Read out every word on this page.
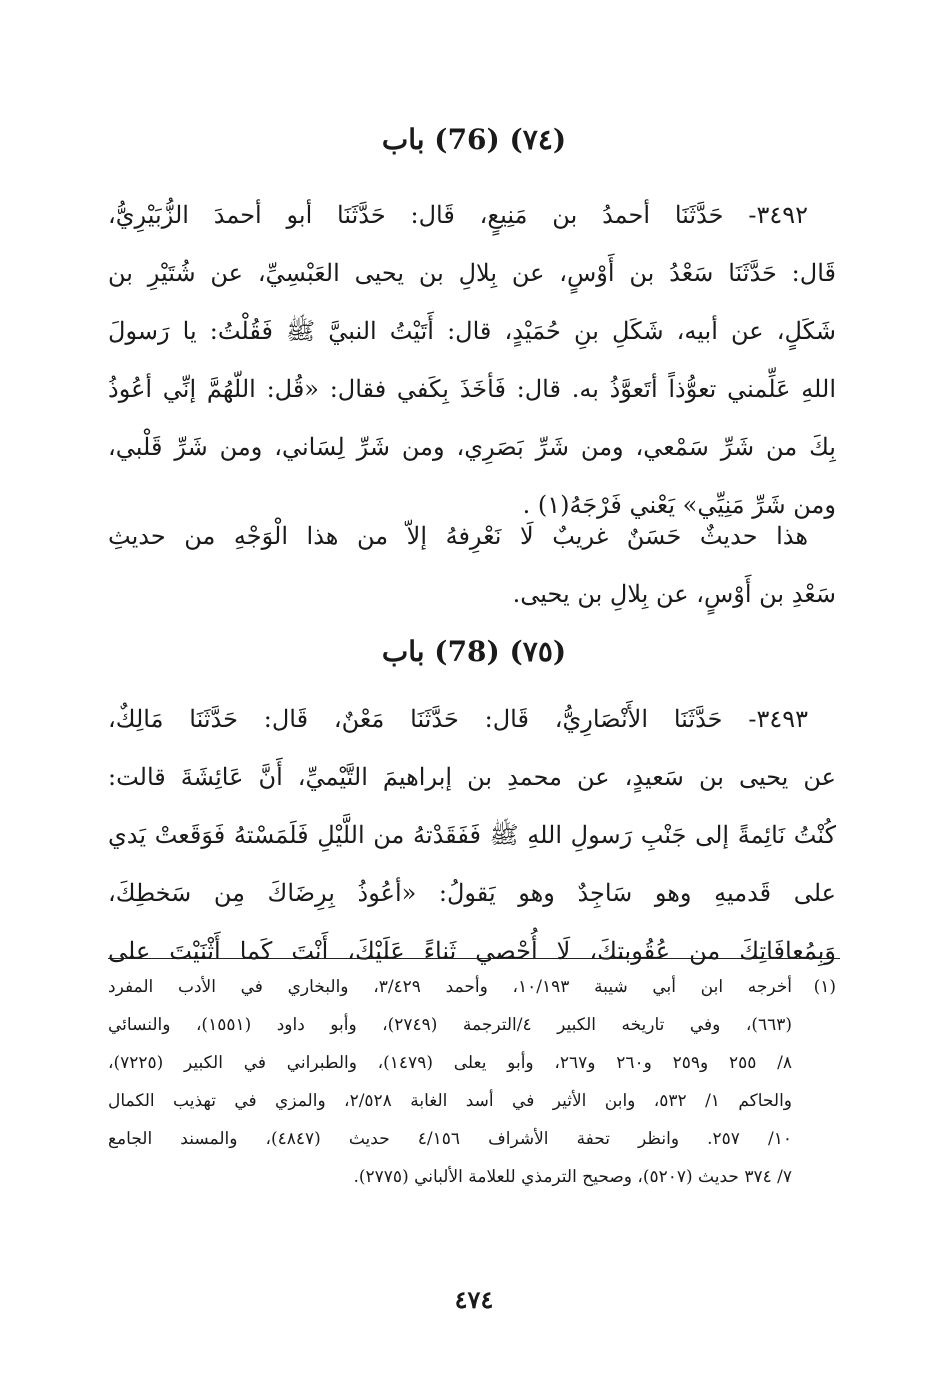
(٧٤) (76) باب
٣٤٩٢- حَدَّثَنَا أحمدُ بن مَنِيعٍ، قَال: حَدَّثَنَا أبو أحمدَ الزُّبَيْرِيُّ،
قَال: حَدَّثَنَا سَعْدُ بن أَوْسٍ، عن بِلالِ بن يحيى العَبْسِيِّ، عن شُتَيْرِ بن
شَكَلٍ، عن أبيه، شَكَلِ بنِ حُمَيْدٍ، قال: أَتَيْتُ النبيَّ ﷺ فَقُلْتُ: يا رَسولَ
اللهِ عَلِّمني تعوُّذاً أتَعوَّذُ به. قال: فَأخَذَ بِكَفي فقال: «قُل: اللّهُمَّ إنِّي أعُوذُ
بِكَ من شَرِّ سَمْعي، ومن شَرِّ بَصَرِي، ومن شَرِّ لِسَاني، ومن شَرِّ قَلْبي،
ومن شَرِّ مَنِيِّي» يَعْني فَرْجَهُ(١) .
هذا حديثٌ حَسَنٌ غريبٌ لَا نَعْرِفهُ إلاّ من هذا الْوَجْهِ من حديثِ
سَعْدِ بن أَوْسٍ، عن بِلالِ بن يحيى.
(٧٥) (78) باب
٣٤٩٣- حَدَّثَنَا الأَنْصَارِيُّ، قَال: حَدَّثَنَا مَعْنٌ، قَال: حَدَّثَنَا مَالِكٌ،
عن يحيى بن سَعيدٍ، عن محمدِ بن إبراهيمَ التَّيْميِّ، أَنَّ عَائِشَةَ قالت:
كُنْتُ نَائِمةً إلى جَنْبِ رَسولِ اللهِ ﷺ فَفَقَدْتهُ من اللَّيْلِ فَلَمَسْتهُ فَوَقَعتْ يَدي
على قَدميهِ وهو سَاجِدٌ وهو يَقولُ: «أعُوذُ بِرِضَاكَ مِن سَخطِكَ،
وَبِمُعافَاتِكَ من عُقُوبتكَ، لَا أُحْصي ثَناءً عَلَيْكَ، أَنْتَ كَما أَثْنَيْتَ على
(١)أخرجه ابن أبي شيبة ١٠/١٩٣، وأحمد ٣/٤٢٩، والبخاري في الأدب المفرد
(٦٦٣)، وفي تاريخه الكبير ٤/الترجمة (٢٧٤٩)، وأبو داود (١٥٥١)، والنسائي
٨/ ٢٥٥ و٢٥٩ و٢٦٠ و٢٦٧، وأبو يعلى (١٤٧٩)، والطبراني في الكبير (٧٢٢٥)،
والحاكم ١/ ٥٣٢، وابن الأثير في أسد الغابة ٢/٥٢٨، والمزي في تهذيب الكمال
١٠/ ٢٥٧. وانظر تحفة الأشراف ٤/١٥٦ حديث (٤٨٤٧)، والمسند الجامع
٧/ ٣٧٤ حديث (٥٢٠٧)، وصحيح الترمذي للعلامة الألباني (٢٧٧٥).
٤٧٤
